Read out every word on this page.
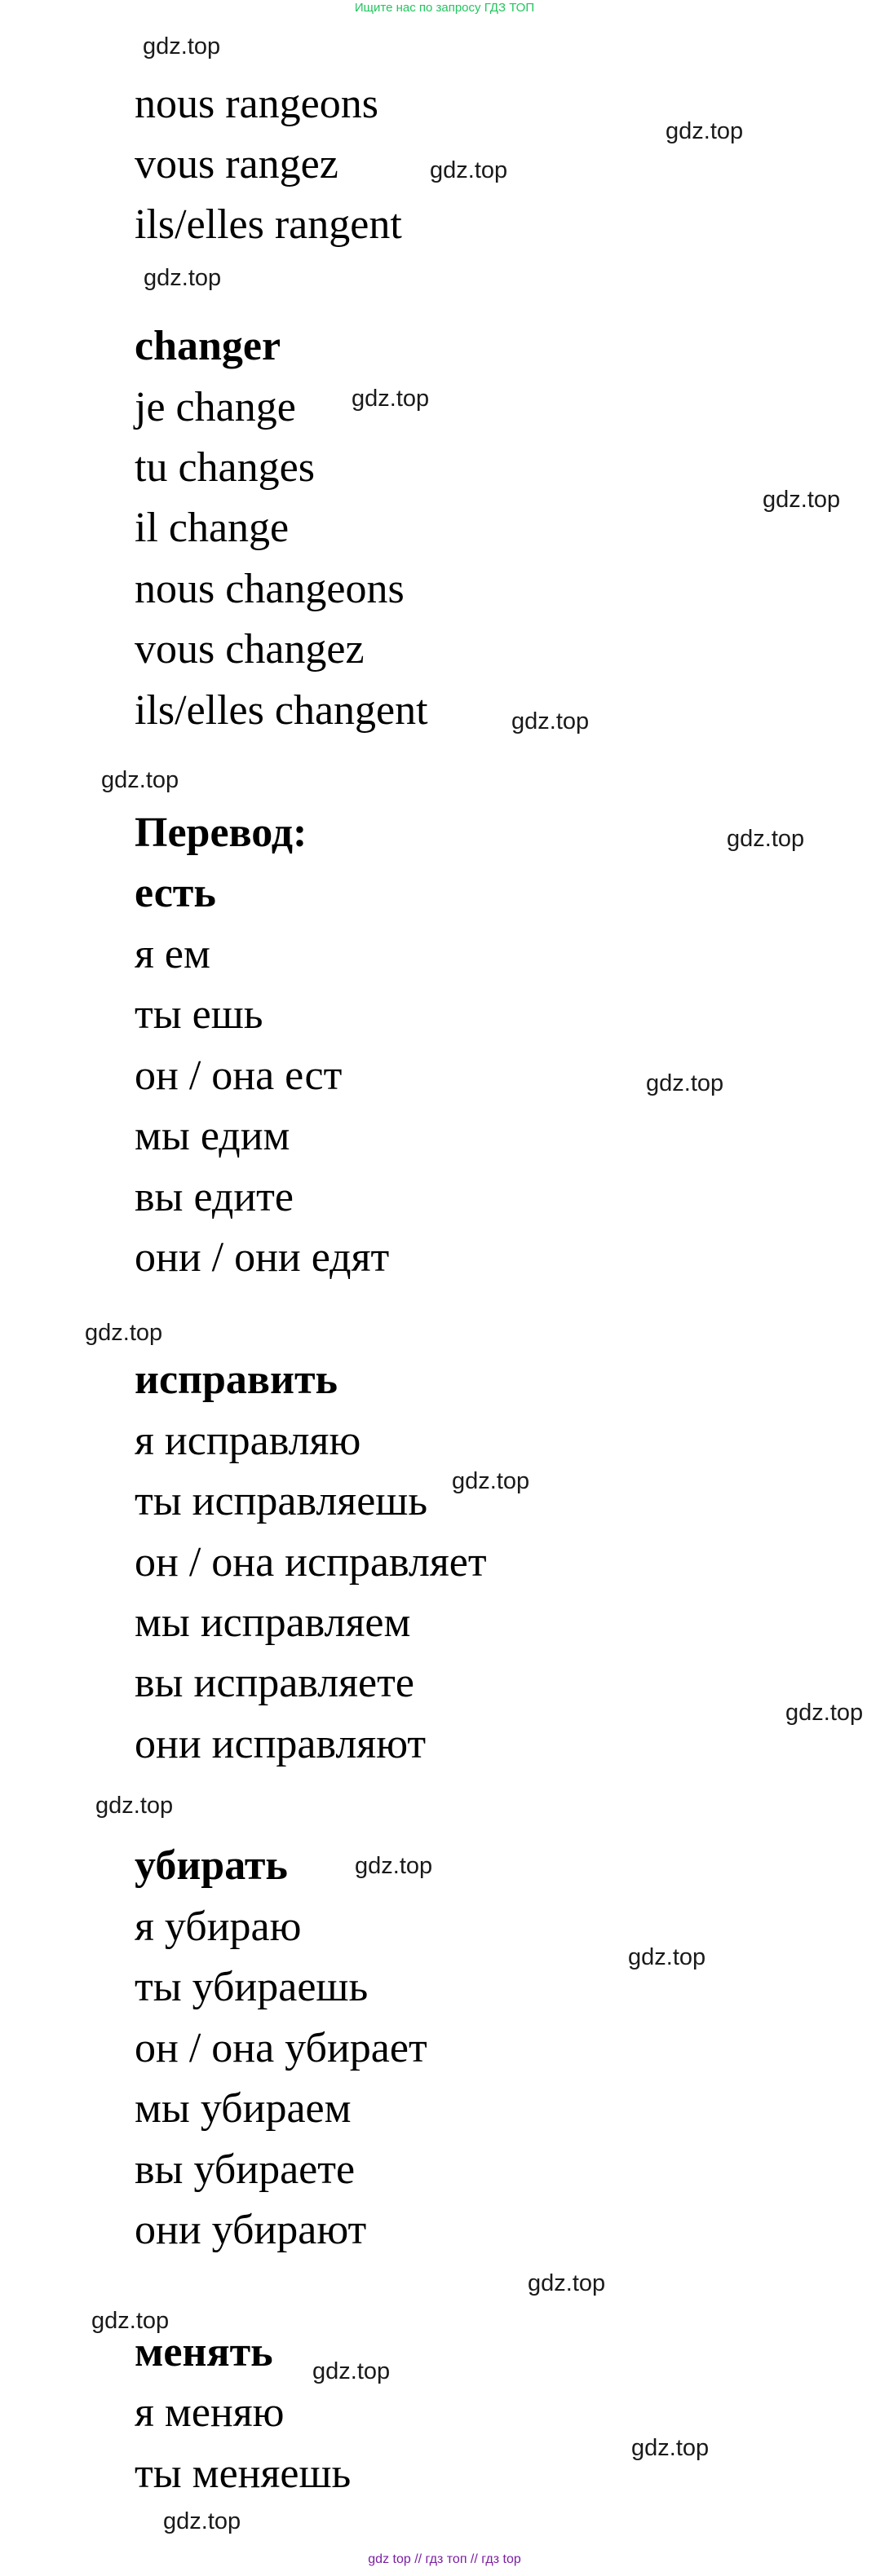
Ищите нас по запросу ГДЗ ТОП
nous rangeons
vous rangez
ils/elles rangent
changer
je change
tu changes
il change
nous changeons
vous changez
ils/elles changent
Перевод:
есть
я ем
ты ешь
он / она ест
мы едим
вы едите
они / они едят
исправить
я исправляю
ты исправляешь
он / она исправляет
мы исправляем
вы исправляете
они исправляют
убирать
я убираю
ты убираешь
он / она убирает
мы убираем
вы убираете
они убирают
менять
я меняю
ты меняешь
gdz.top
gdz.top
gdz.top
gdz.top
gdz.top
gdz.top
gdz.top
gdz.top
gdz.top
gdz.top
gdz.top
gdz.top
gdz.top
gdz.top
gdz.top
gdz.top
gdz.top
gdz.top
gdz.top
gdz.top
gdz.top
gdz top // гдз топ // гдз top
